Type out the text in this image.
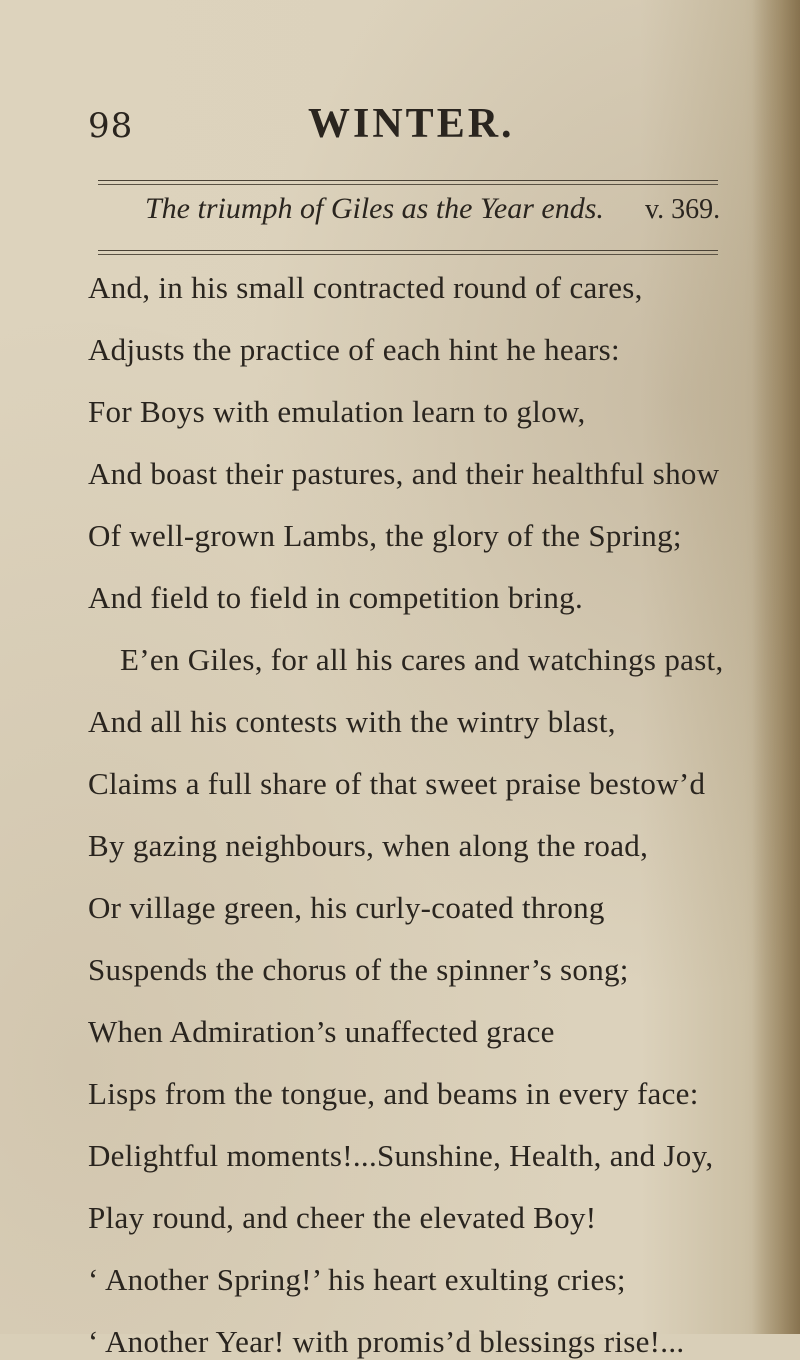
98	WINTER.
The triumph of Giles as the Year ends. v. 369.
And, in his small contracted round of cares,
Adjusts the practice of each hint he hears:
For Boys with emulation learn to glow,
And boast their pastures, and their healthful show
Of well-grown Lambs, the glory of the Spring;
And field to field in competition bring.
E’en Giles, for all his cares and watchings past,
And all his contests with the wintry blast,
Claims a full share of that sweet praise bestow’d
By gazing neighbours, when along the road,
Or village green, his curly-coated throng
Suspends the chorus of the spinner’s song;
When Admiration’s unaffected grace
Lisps from the tongue, and beams in every face:
Delightful moments!...Sunshine, Health, and Joy,
Play round, and cheer the elevated Boy!
‘ Another Spring!’ his heart exulting cries;
‘ Another Year! with promis’d blessings rise!...
